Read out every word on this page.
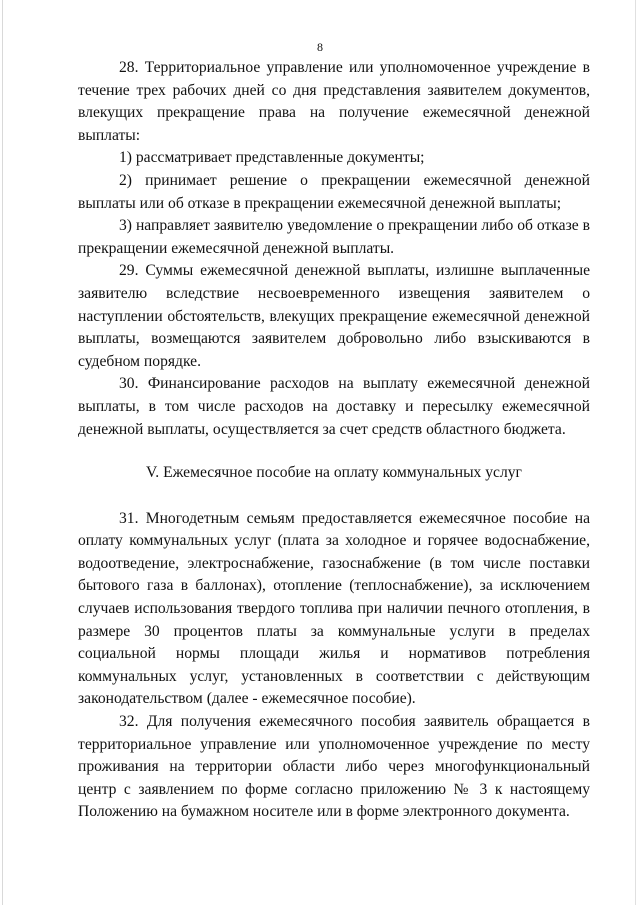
8

28. Территориальное управление или уполномоченное учреждение в течение трех рабочих дней со дня представления заявителем документов, влекущих прекращение права на получение ежемесячной денежной выплаты:

1) рассматривает представленные документы;

2) принимает решение о прекращении ежемесячной денежной выплаты или об отказе в прекращении ежемесячной денежной выплаты;

3) направляет заявителю уведомление о прекращении либо об отказе в прекращении ежемесячной денежной выплаты.

29. Суммы ежемесячной денежной выплаты, излишне выплаченные заявителю вследствие несвоевременного извещения заявителем о наступлении обстоятельств, влекущих прекращение ежемесячной денежной выплаты, возмещаются заявителем добровольно либо взыскиваются в судебном порядке.

30. Финансирование расходов на выплату ежемесячной денежной выплаты, в том числе расходов на доставку и пересылку ежемесячной денежной выплаты, осуществляется за счет средств областного бюджета.

V. Ежемесячное пособие на оплату коммунальных услуг

31. Многодетным семьям предоставляется ежемесячное пособие на оплату коммунальных услуг (плата за холодное и горячее водоснабжение, водоотведение, электроснабжение, газоснабжение (в том числе поставки бытового газа в баллонах), отопление (теплоснабжение), за исключением случаев использования твердого топлива при наличии печного отопления, в размере 30 процентов платы за коммунальные услуги в пределах социальной нормы площади жилья и нормативов потребления коммунальных услуг, установленных в соответствии с действующим законодательством (далее - ежемесячное пособие).

32. Для получения ежемесячного пособия заявитель обращается в территориальное управление или уполномоченное учреждение по месту проживания на территории области либо через многофункциональный центр с заявлением по форме согласно приложению № 3 к настоящему Положению на бумажном носителе или в форме электронного документа.
